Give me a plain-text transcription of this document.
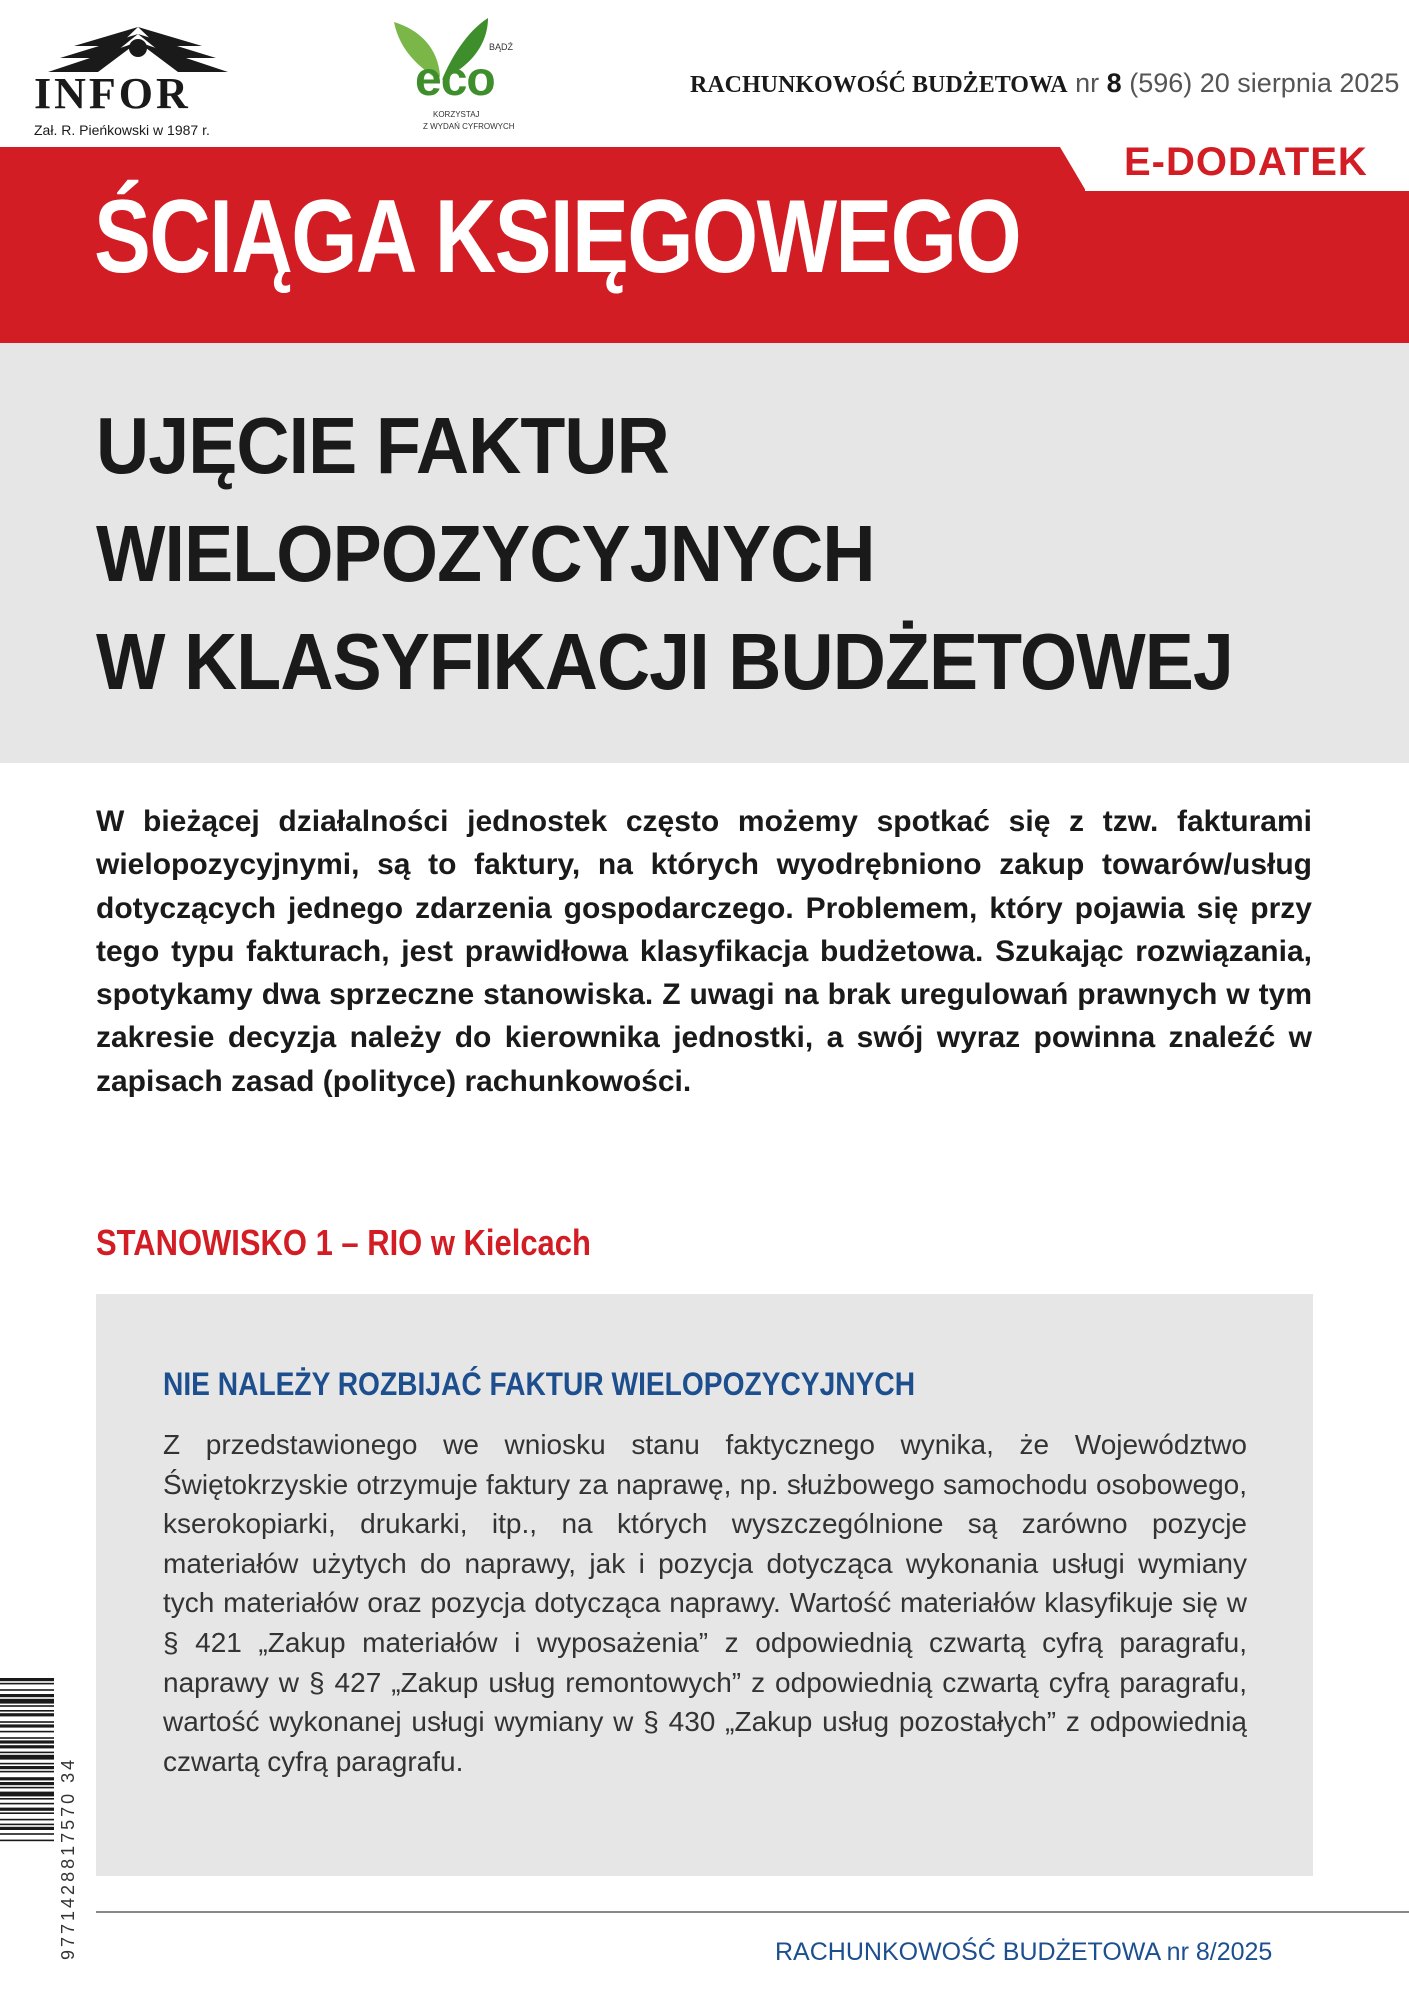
INFOR
Zał. R. Pieńkowski w 1987 r.
BĄDŹ
eco
KORZYSTAJ
Z WYDAŃ CYFROWYCH
RACHUNKOWOŚĆ BUDŻETOWA nr 8 (596) 20 sierpnia 2025
E-DODATEK
ŚCIĄGA KSIĘGOWEGO
UJĘCIE FAKTUR
WIELOPOZYCYJNYCH
W KLASYFIKACJI BUDŻETOWEJ
W bieżącej działalności jednostek często możemy spotkać się z tzw. fakturami wielopozycyjnymi, są to faktury, na których wyodrębniono zakup towarów/usług dotyczących jednego zdarzenia gospodarczego. Problemem, który pojawia się przy tego typu fakturach, jest prawidłowa klasyfikacja budżetowa. Szukając rozwiązania, spotykamy dwa sprzeczne stanowiska. Z uwagi na brak uregulowań prawnych w tym zakresie decyzja należy do kierownika jednostki, a swój wyraz powinna znaleźć w zapisach zasad (polityce) rachunkowości.
STANOWISKO 1 – RIO w Kielcach
NIE NALEŻY ROZBIJAĆ FAKTUR WIELOPOZYCYJNYCH
Z przedstawionego we wniosku stanu faktycznego wynika, że Województwo Świętokrzyskie otrzymuje faktury za naprawę, np. służbowego samochodu osobowego, kserokopiarki, drukarki, itp., na których wyszczególnione są zarówno pozycje materiałów użytych do naprawy, jak i pozycja dotycząca wykonania usługi wymiany tych materiałów oraz pozycja dotycząca naprawy. Wartość materiałów klasyfikuje się w § 421 „Zakup materiałów i wyposażenia” z odpowiednią czwartą cyfrą paragrafu, naprawy w § 427 „Zakup usług remontowych” z odpowiednią czwartą cyfrą paragrafu, wartość wykonanej usługi wymiany w § 430 „Zakup usług pozostałych” z odpowiednią czwartą cyfrą paragrafu.
9771428817570 34
RACHUNKOWOŚĆ BUDŻETOWA nr 8/2025
